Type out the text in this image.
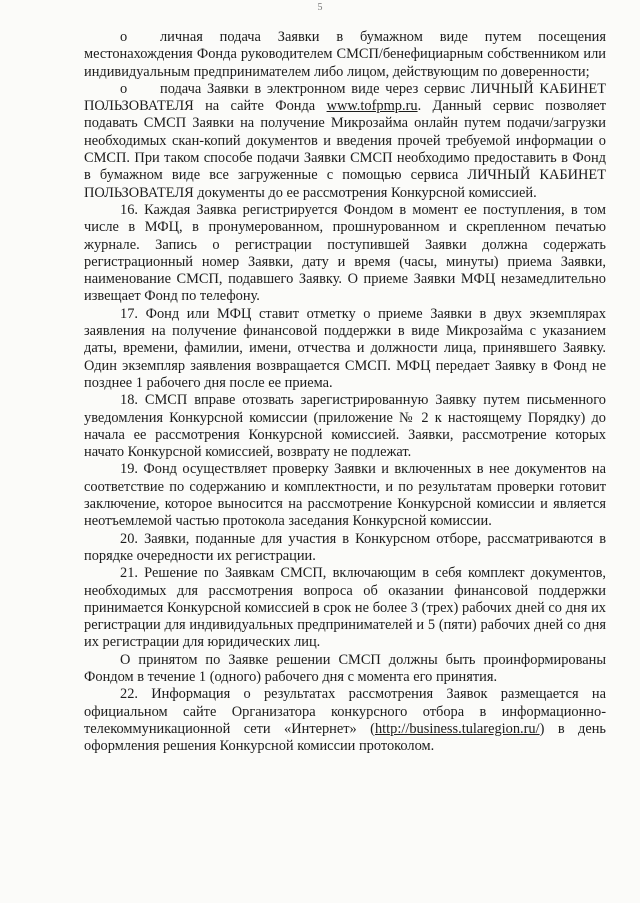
5

o личная подача Заявки в бумажном виде путем посещения местонахождения Фонда руководителем СМСП/бенефициарным собственником или индивидуальным предпринимателем либо лицом, действующим по доверенности;

o подача Заявки в электронном виде через сервис ЛИЧНЫЙ КАБИНЕТ ПОЛЬЗОВАТЕЛЯ на сайте Фонда www.tofpmp.ru. Данный сервис позволяет подавать СМСП Заявки на получение Микрозайма онлайн путем подачи/загрузки необходимых скан-копий документов и введения прочей требуемой информации о СМСП. При таком способе подачи Заявки СМСП необходимо предоставить в Фонд в бумажном виде все загруженные с помощью сервиса ЛИЧНЫЙ КАБИНЕТ ПОЛЬЗОВАТЕЛЯ документы до ее рассмотрения Конкурсной комиссией.

16. Каждая Заявка регистрируется Фондом в момент ее поступления, в том числе в МФЦ, в пронумерованном, прошнурованном и скрепленном печатью журнале. Запись о регистрации поступившей Заявки должна содержать регистрационный номер Заявки, дату и время (часы, минуты) приема Заявки, наименование СМСП, подавшего Заявку. О приеме Заявки МФЦ незамедлительно извещает Фонд по телефону.

17. Фонд или МФЦ ставит отметку о приеме Заявки в двух экземплярах заявления на получение финансовой поддержки в виде Микрозайма с указанием даты, времени, фамилии, имени, отчества и должности лица, принявшего Заявку. Один экземпляр заявления возвращается СМСП. МФЦ передает Заявку в Фонд не позднее 1 рабочего дня после ее приема.

18. СМСП вправе отозвать зарегистрированную Заявку путем письменного уведомления Конкурсной комиссии (приложение № 2 к настоящему Порядку) до начала ее рассмотрения Конкурсной комиссией. Заявки, рассмотрение которых начато Конкурсной комиссией, возврату не подлежат.

19. Фонд осуществляет проверку Заявки и включенных в нее документов на соответствие по содержанию и комплектности, и по результатам проверки готовит заключение, которое выносится на рассмотрение Конкурсной комиссии и является неотъемлемой частью протокола заседания Конкурсной комиссии.

20. Заявки, поданные для участия в Конкурсном отборе, рассматриваются в порядке очередности их регистрации.

21. Решение по Заявкам СМСП, включающим в себя комплект документов, необходимых для рассмотрения вопроса об оказании финансовой поддержки принимается Конкурсной комиссией в срок не более 3 (трех) рабочих дней со дня их регистрации для индивидуальных предпринимателей и 5 (пяти) рабочих дней со дня их регистрации для юридических лиц.

О принятом по Заявке решении СМСП должны быть проинформированы Фондом в течение 1 (одного) рабочего дня с момента его принятия.

22. Информация о результатах рассмотрения Заявок размещается на официальном сайте Организатора конкурсного отбора в информационно-телекоммуникационной сети «Интернет» (http://business.tularegion.ru/) в день оформления решения Конкурсной комиссии протоколом.
